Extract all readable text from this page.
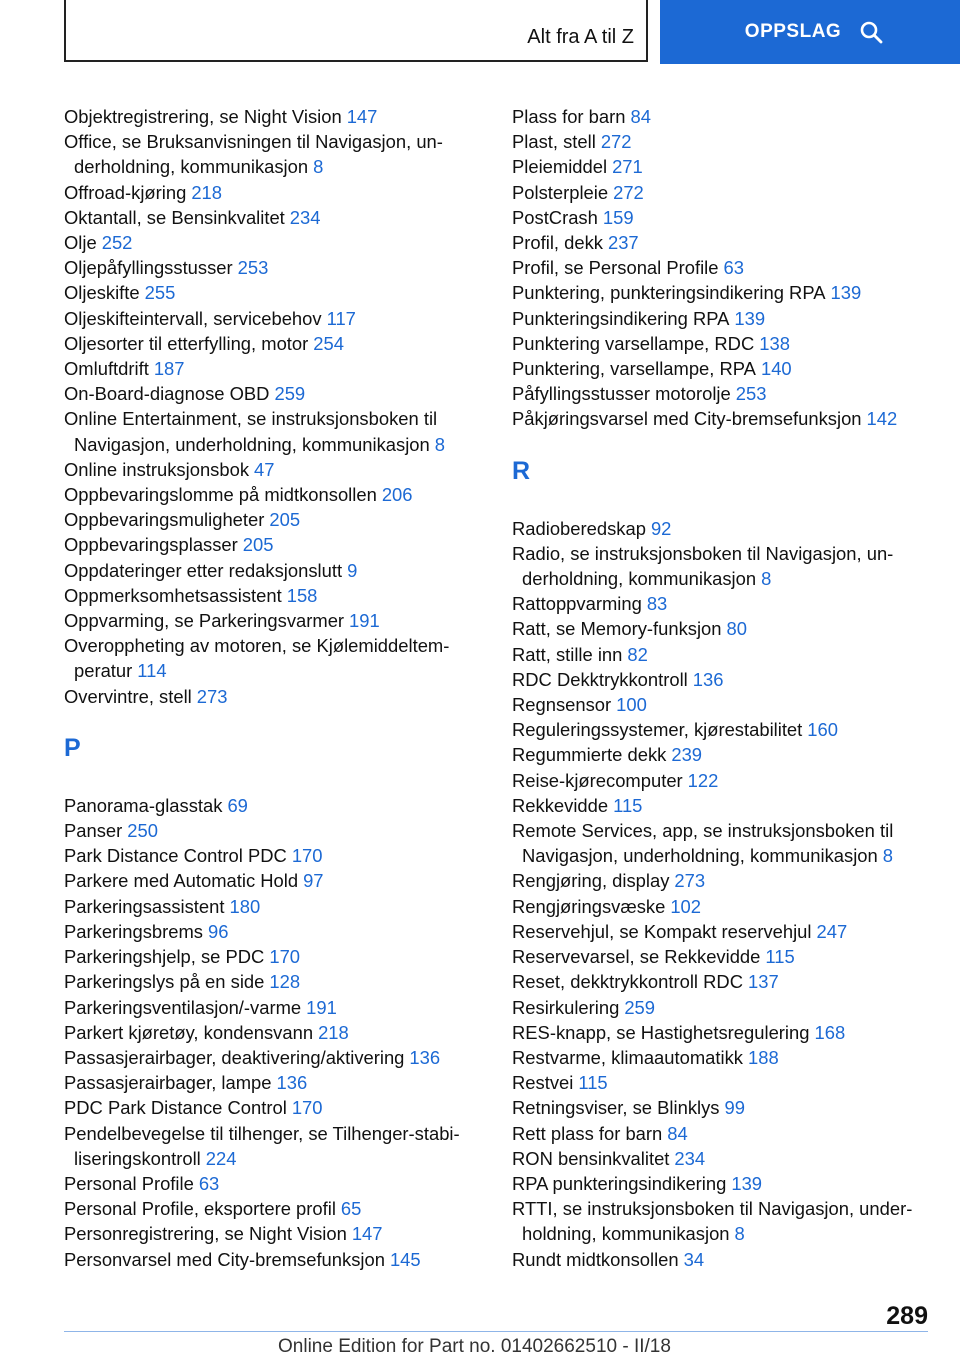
Alt fra A til Z	OPPSLAG
Objektregistrering, se Night Vision 147
Office, se Bruksanvisningen til Navigasjon, un-derholdning, kommunikasjon 8
Offroad-kjøring 218
Oktantall, se Bensinkvalitet 234
Olje 252
Oljepåfyllingsstusser 253
Oljeskifte 255
Oljeskifteintervall, servicebehov 117
Oljesorter til etterfylling, motor 254
Omluftdrift 187
On-Board-diagnose OBD 259
Online Entertainment, se instruksjonsboken til Navigasjon, underholdning, kommunikasjon 8
Online instruksjonsbok 47
Oppbevaringslomme på midtkonsollen 206
Oppbevaringsmuligheter 205
Oppbevaringsplasser 205
Oppdateringer etter redaksjonslutt 9
Oppmerksomhetsassistent 158
Oppvarming, se Parkeringsvarmer 191
Overoppheting av motoren, se Kjølemiddeltem-peratur 114
Overvintre, stell 273
P
Panorama-glasstak 69
Panser 250
Park Distance Control PDC 170
Parkere med Automatic Hold 97
Parkeringsassistent 180
Parkeringsbrems 96
Parkeringshjelp, se PDC 170
Parkeringslys på en side 128
Parkeringsventilasjon/-varme 191
Parkert kjøretøy, kondensvann 218
Passasjerairbager, deaktivering/aktivering 136
Passasjerairbager, lampe 136
PDC Park Distance Control 170
Pendelbevegelse til tilhenger, se Tilhenger-stabi-liseringskontroll 224
Personal Profile 63
Personal Profile, eksportere profil 65
Personregistrering, se Night Vision 147
Personvarsel med City-bremsefunksjon 145
Plass for barn 84
Plast, stell 272
Pleiemiddel 271
Polsterpleie 272
PostCrash 159
Profil, dekk 237
Profil, se Personal Profile 63
Punktering, punkteringsindikering RPA 139
Punkteringsindikering RPA 139
Punktering varsellampe, RDC 138
Punktering, varsellampe, RPA 140
Påfyllingsstusser motorolje 253
Påkjøringsvarsel med City-bremsefunksjon 142
R
Radioberedskap 92
Radio, se instruksjonsboken til Navigasjon, un-derholdning, kommunikasjon 8
Rattoppvarming 83
Ratt, se Memory-funksjon 80
Ratt, stille inn 82
RDC Dekktrykkontroll 136
Regnsensor 100
Reguleringssystemer, kjørestabilitet 160
Regummierte dekk 239
Reise-kjørecomputer 122
Rekkevidde 115
Remote Services, app, se instruksjonsboken til Navigasjon, underholdning, kommunikasjon 8
Rengjøring, display 273
Rengjøringsvæske 102
Reservehjul, se Kompakt reservehjul 247
Reservevarsel, se Rekkevidde 115
Reset, dekktrykkontroll RDC 137
Resirkulering 259
RES-knapp, se Hastighetsregulering 168
Restvarme, klimaautomatikk 188
Restvei 115
Retningsviser, se Blinklys 99
Rett plass for barn 84
RON bensinkvalitet 234
RPA punkteringsindikering 139
RTTI, se instruksjonsboken til Navigasjon, under-holdning, kommunikasjon 8
Rundt midtkonsollen 34
289
Online Edition for Part no. 01402662510 - II/18
